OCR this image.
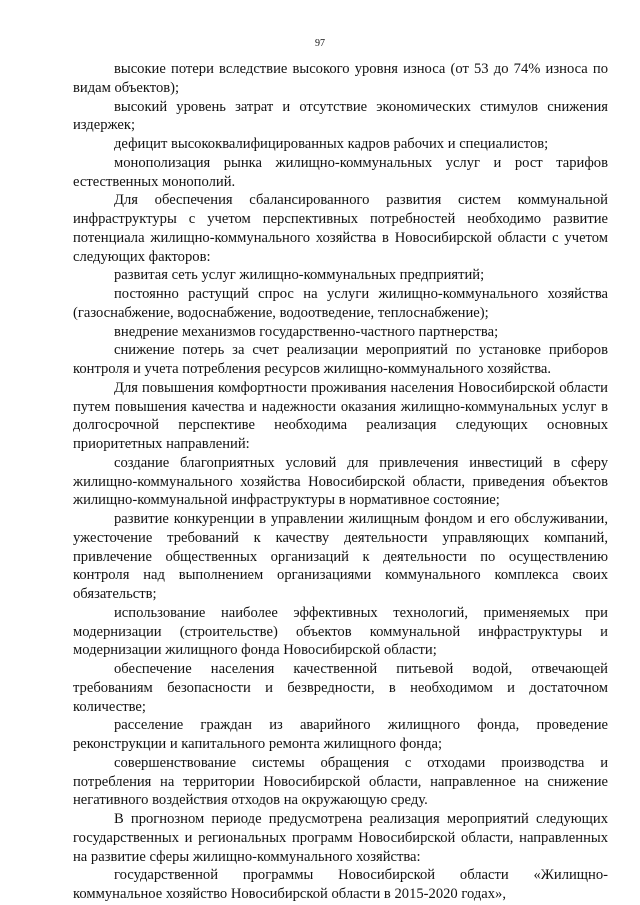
97

высокие потери вследствие высокого уровня износа (от 53 до 74% износа по видам объектов);

высокий уровень затрат и отсутствие экономических стимулов снижения издержек;

дефицит высококвалифицированных кадров рабочих и специалистов;

монополизация рынка жилищно-коммунальных услуг и рост тарифов естественных монополий.

Для обеспечения сбалансированного развития систем коммунальной инфраструктуры с учетом перспективных потребностей необходимо развитие потенциала жилищно-коммунального хозяйства в Новосибирской области с учетом следующих факторов:

развитая сеть услуг жилищно-коммунальных предприятий;

постоянно растущий спрос на услуги жилищно-коммунального хозяйства (газоснабжение, водоснабжение, водоотведение, теплоснабжение);

внедрение механизмов государственно-частного партнерства;

снижение потерь за счет реализации мероприятий по установке приборов контроля и учета потребления ресурсов жилищно-коммунального хозяйства.

Для повышения комфортности проживания населения Новосибирской области путем повышения качества и надежности оказания жилищно-коммунальных услуг в долгосрочной перспективе необходима реализация следующих основных приоритетных направлений:

создание благоприятных условий для привлечения инвестиций в сферу жилищно-коммунального хозяйства Новосибирской области, приведения объектов жилищно-коммунальной инфраструктуры в нормативное состояние;

развитие конкуренции в управлении жилищным фондом и его обслуживании, ужесточение требований к качеству деятельности управляющих компаний, привлечение общественных организаций к деятельности по осуществлению контроля над выполнением организациями коммунального комплекса своих обязательств;

использование наиболее эффективных технологий, применяемых при модернизации (строительстве) объектов коммунальной инфраструктуры и модернизации жилищного фонда Новосибирской области;

обеспечение населения качественной питьевой водой, отвечающей требованиям безопасности и безвредности, в необходимом и достаточном количестве;

расселение граждан из аварийного жилищного фонда, проведение реконструкции и капитального ремонта жилищного фонда;

совершенствование системы обращения с отходами производства и потребления на территории Новосибирской области, направленное на снижение негативного воздействия отходов на окружающую среду.

В прогнозном периоде предусмотрена реализация мероприятий следующих государственных и региональных программ Новосибирской области, направленных на развитие сферы жилищно-коммунального хозяйства:

государственной программы Новосибирской области «Жилищно-коммунальное хозяйство Новосибирской области в 2015-2020 годах»,
